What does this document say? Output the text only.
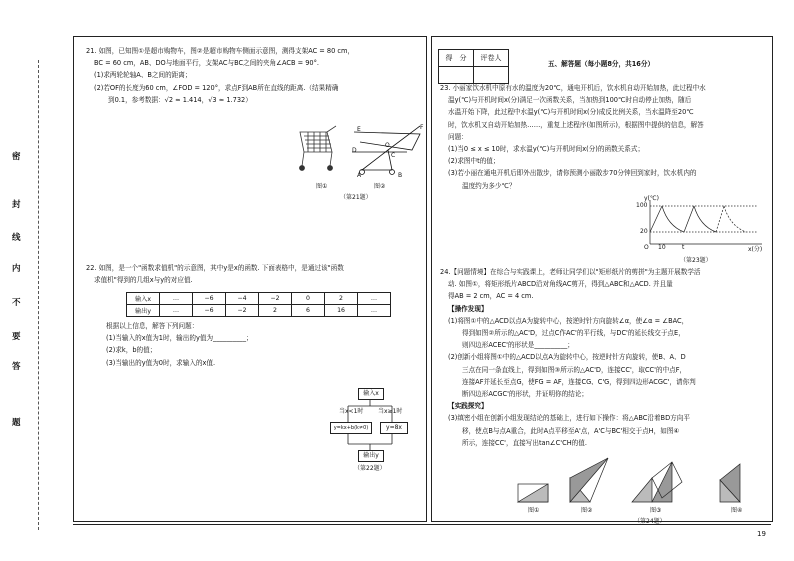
密
封
线
内
不
要
答
题
21. 如图，已知图①是超市购物车，图②是超市购物车侧面示意图，测得支架AC = 80 cm，
BC = 60 cm，AB、DO与地面平行，支架AC与BC之间的夹角∠ACB = 90°.
(1)求两轮轮轴A、B之间的距离；
(2)若OF的长度为60 cm，∠FOD = 120°，求点F到AB所在直线的距离.（结果精确
到0.1，参考数据：√2 ≈ 1.414，√3 ≈ 1.732）
E
D
O
F
C
A	B
图①	图②
（第21题）
22. 如图，是一个"函数求值机"的示意图，其中y是x的函数. 下面表格中，是通过该"函数
求值机"得到的几组x与y的对应值.
输入x	…	−6	−4	−2	0	2	…
输出y	…	−6	−2	2	6	16	…
根据以上信息，解答下列问题：
(1)当输入的x值为1时，输出的y值为__________；
(2)求k，b的值；
(3)当输出的y值为0时，求输入的x值.
输入x
当x<1时 当x≥1时
y=kx+b(k≠0)	y=8x
输出y
（第22题）
得　分	评卷人

五、解答题（每小题8分，共16分）
23. 小丽家饮水机中原有水的温度为20℃，通电开机后，饮水机自动开始加热，此过程中水
温y(℃)与开机时间x(分)满足一次函数关系，当加热到100℃时自动停止加热，随后
水温开始下降，此过程中水温y(℃)与开机时间x(分)成反比例关系，当水温降至20℃
时，饮水机又自动开始加热……，重复上述程序(如图所示)，根据图中提供的信息，解答
问题：
(1)当0 ≤ x ≤ 10时，求水温y(℃)与开机时间x(分)的函数关系式；
(2)求图中t的值；
(3)若小丽在通电开机后即外出散步，请你预测小丽散步70分钟回到家时，饮水机内的
温度约为多少℃？
y(℃)
100
20
O 10	t	x(分)
（第23题）
24.【问题情境】在综合与实践课上，老师让同学们以"矩形纸片的剪拼"为主题开展数学活
动. 如图①，将矩形纸片ABCD沿对角线AC剪开，得到△ABC和△ACD. 并且量
得AB = 2 cm，AC = 4 cm.
【操作发现】
(1)将图①中的△ACD以点A为旋转中心，按逆时针方向旋转∠α，使∠α = ∠BAC，
得到如图②所示的△AC'D，过点C作AC'的平行线，与DC'的延长线交于点E，
则四边形ACEC'的形状是__________；
(2)创新小组将图①中的△ACD以点A为旋转中心，按逆时针方向旋转，使B、A、D
三点在同一条直线上，得到如图③所示的△AC'D，连接CC'，取CC'的中点F，
连接AF并延长至点G，使FG = AF，连接CG、C'G，得到四边形ACGC'，请你判
断四边形ACGC'的形状，并证明你的结论；
【实践探究】
(3)缜密小组在创新小组发现结论的基础上，进行如下操作：将△ABC沿着BD方向平
移，使点B与点A重合，此时A点平移至A'点，A'C与BC'相交于点H，如图④
所示，连接CC'，直接写出tan∠C'CH的值.
图①	图②	图③	图④
（第24题）
19
